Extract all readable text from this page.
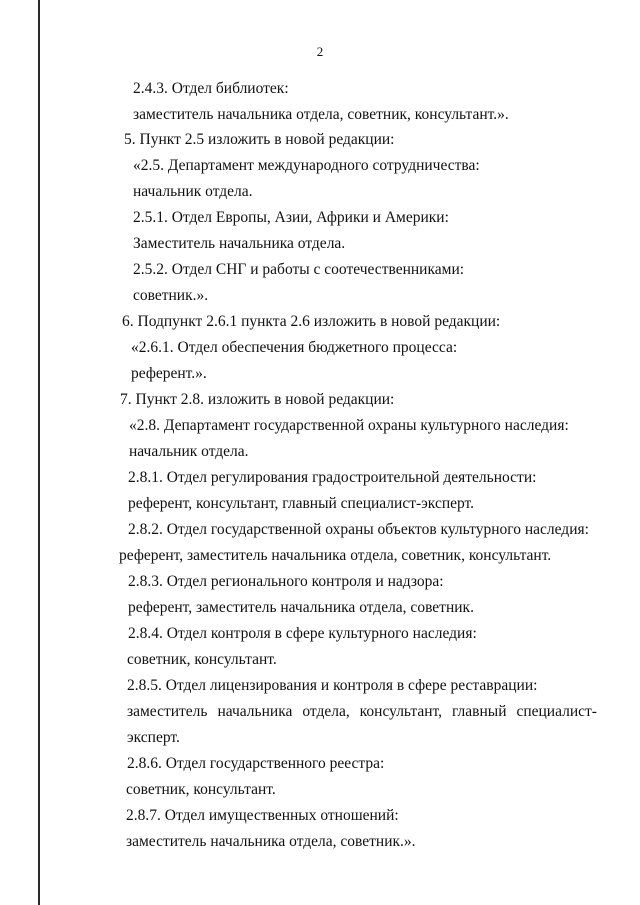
2
2.4.3. Отдел библиотек:
заместитель начальника отдела, советник, консультант.».
5. Пункт 2.5 изложить в новой редакции:
«2.5. Департамент международного сотрудничества:
начальник отдела.
2.5.1. Отдел Европы, Азии, Африки и Америки:
Заместитель начальника отдела.
2.5.2. Отдел СНГ и работы с соотечественниками:
советник.».
6. Подпункт 2.6.1 пункта 2.6 изложить в новой редакции:
«2.6.1. Отдел обеспечения бюджетного процесса:
референт.».
7. Пункт 2.8. изложить в новой редакции:
«2.8. Департамент государственной охраны культурного наследия:
начальник отдела.
2.8.1. Отдел регулирования градостроительной деятельности:
референт, консультант, главный специалист-эксперт.
2.8.2. Отдел государственной охраны объектов культурного наследия:
референт, заместитель начальника отдела, советник, консультант.
2.8.3. Отдел регионального контроля и надзора:
референт, заместитель начальника отдела, советник.
2.8.4. Отдел контроля в сфере культурного наследия:
советник, консультант.
2.8.5. Отдел лицензирования и контроля в сфере реставрации:
заместитель начальника отдела, консультант, главный специалист-
эксперт.
2.8.6. Отдел государственного реестра:
советник, консультант.
2.8.7. Отдел имущественных отношений:
заместитель начальника отдела, советник.».
